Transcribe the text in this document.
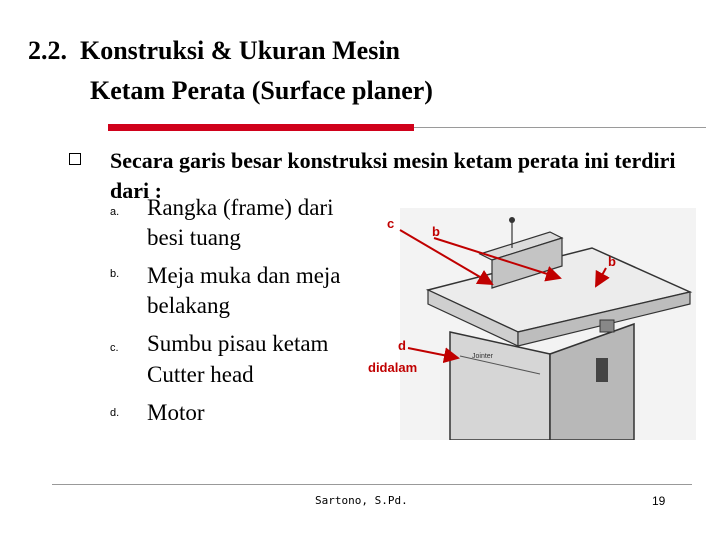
2.2.  Konstruksi & Ukuran Mesin
Ketam Perata (Surface planer)
Secara garis besar konstruksi mesin ketam perata ini terdiri dari :
a. Rangka (frame) dari
besi tuang
b. Meja muka dan meja
belakang
c. Sumbu pisau ketam
Cutter head
d. Motor
Jointer
c
b
b
d
didalam
Sartono, S.Pd.	19
